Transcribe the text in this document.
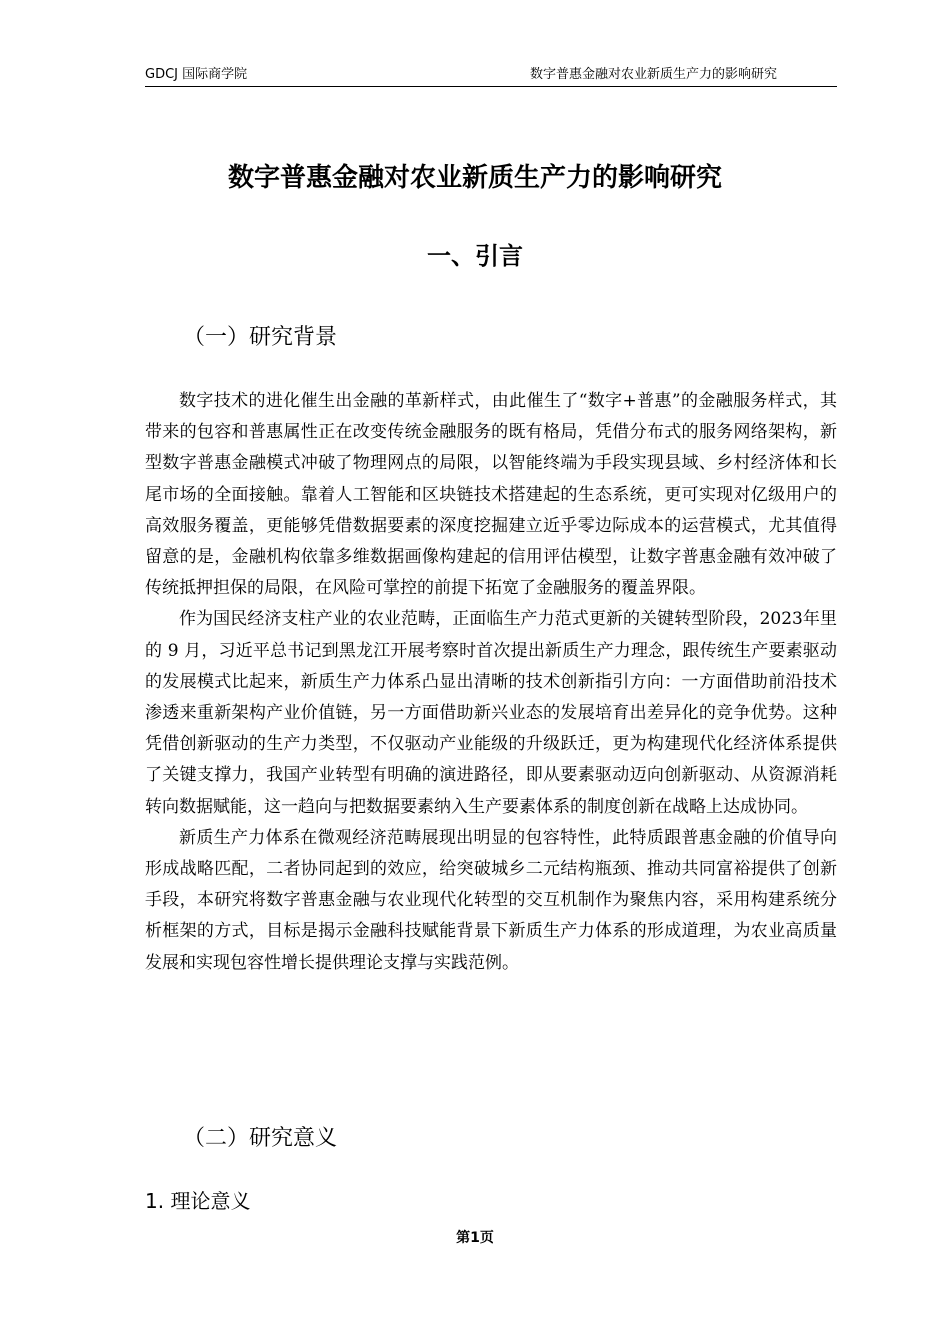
GDCJ 国际商学院	数字普惠金融对农业新质生产力的影响研究
数字普惠金融对农业新质生产力的影响研究
一、引言
（一）研究背景

数字技术的进化催生出金融的革新样式，由此催生了“数字+普惠”的金融服务样式，其带来的包容和普惠属性正在改变传统金融服务的既有格局，凭借分布式的服务网络架构，新型数字普惠金融模式冲破了物理网点的局限，以智能终端为手段实现县域、乡村经济体和长尾市场的全面接触。靠着人工智能和区块链技术搭建起的生态系统，更可实现对亿级用户的高效服务覆盖，更能够凭借数据要素的深度挖掘建立近乎零边际成本的运营模式，尤其值得留意的是，金融机构依靠多维数据画像构建起的信用评估模型，让数字普惠金融有效冲破了传统抵押担保的局限，在风险可掌控的前提下拓宽了金融服务的覆盖界限。

作为国民经济支柱产业的农业范畴，正面临生产力范式更新的关键转型阶段，2023年里的 9 月，习近平总书记到黑龙江开展考察时首次提出新质生产力理念，跟传统生产要素驱动的发展模式比起来，新质生产力体系凸显出清晰的技术创新指引方向：一方面借助前沿技术渗透来重新架构产业价值链，另一方面借助新兴业态的发展培育出差异化的竞争优势。这种凭借创新驱动的生产力类型，不仅驱动产业能级的升级跃迁，更为构建现代化经济体系提供了关键支撑力，我国产业转型有明确的演进路径，即从要素驱动迈向创新驱动、从资源消耗转向数据赋能，这一趋向与把数据要素纳入生产要素体系的制度创新在战略上达成协同。

新质生产力体系在微观经济范畴展现出明显的包容特性，此特质跟普惠金融的价值导向形成战略匹配，二者协同起到的效应，给突破城乡二元结构瓶颈、推动共同富裕提供了创新手段，本研究将数字普惠金融与农业现代化转型的交互机制作为聚焦内容，采用构建系统分析框架的方式，目标是揭示金融科技赋能背景下新质生产力体系的形成道理，为农业高质量发展和实现包容性增长提供理论支撑与实践范例。

（二）研究意义
1. 理论意义
第1页
